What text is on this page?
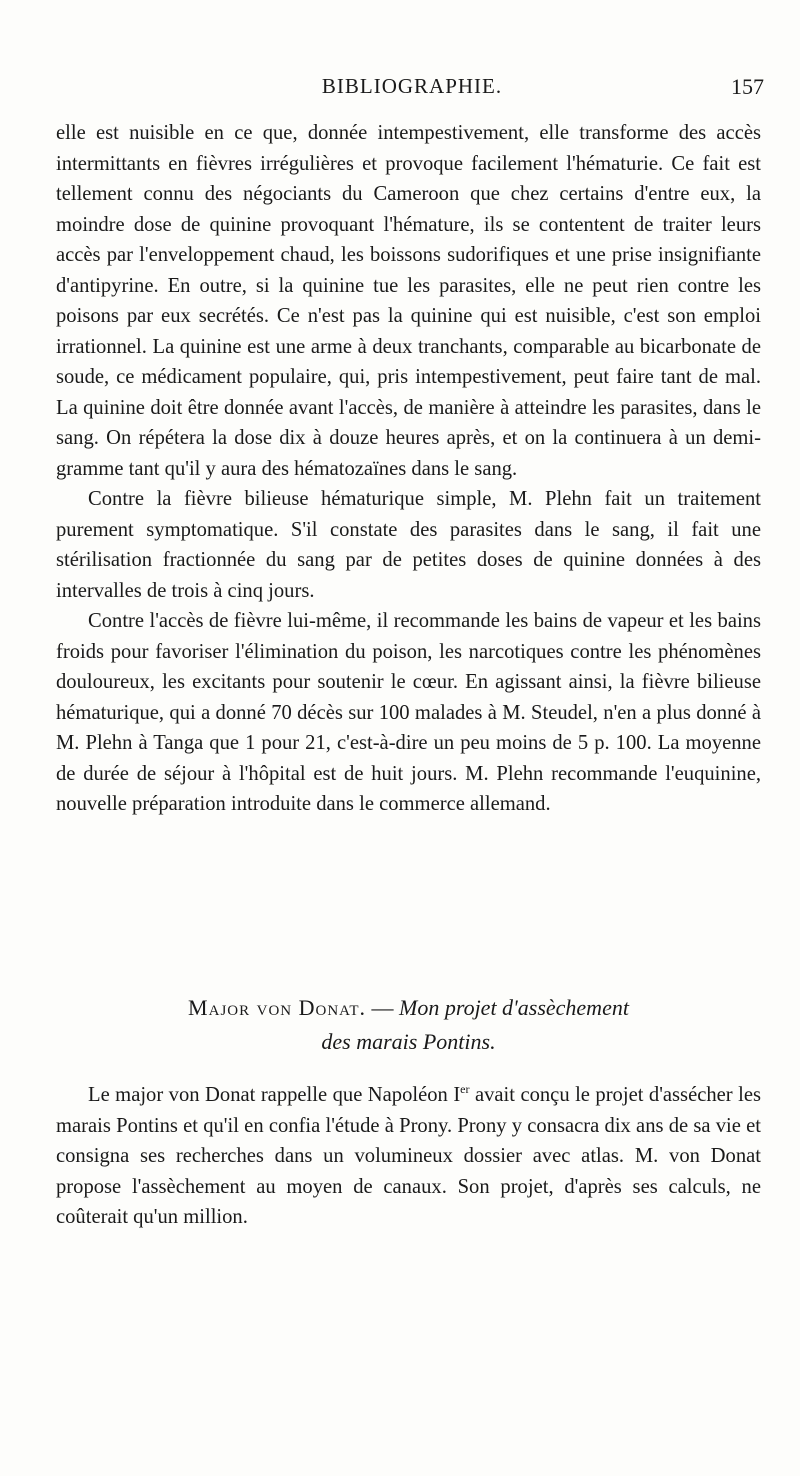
BIBLIOGRAPHIE.	157

elle est nuisible en ce que, donnée intempestivement, elle transforme des accès intermittants en fièvres irrégulières et provoque facilement l'hématurie. Ce fait est tellement connu des négociants du Cameroon que chez certains d'entre eux, la moindre dose de quinine provoquant l'hémature, ils se contentent de traiter leurs accès par l'enveloppement chaud, les boissons sudorifiques et une prise insignifiante d'antipyrine. En outre, si la quinine tue les parasites, elle ne peut rien contre les poisons par eux secrétés. Ce n'est pas la quinine qui est nuisible, c'est son emploi irrationnel. La quinine est une arme à deux tranchants, comparable au bicarbonate de soude, ce médicament populaire, qui, pris intempestivement, peut faire tant de mal. La quinine doit être donnée avant l'accès, de manière à atteindre les parasites, dans le sang. On répétera la dose dix à douze heures après, et on la continuera à un demi-gramme tant qu'il y aura des hématozaïnes dans le sang.

Contre la fièvre bilieuse hématurique simple, M. Plehn fait un traitement purement symptomatique. S'il constate des parasites dans le sang, il fait une stérilisation fractionnée du sang par de petites doses de quinine données à des intervalles de trois à cinq jours.

Contre l'accès de fièvre lui-même, il recommande les bains de vapeur et les bains froids pour favoriser l'élimination du poison, les narcotiques contre les phénomènes douloureux, les excitants pour soutenir le cœur. En agissant ainsi, la fièvre bilieuse hématurique, qui a donné 70 décès sur 100 malades à M. Steudel, n'en a plus donné à M. Plehn à Tanga que 1 pour 21, c'est-à-dire un peu moins de 5 p. 100. La moyenne de durée de séjour à l'hôpital est de huit jours. M. Plehn recommande l'euquinine, nouvelle préparation introduite dans le commerce allemand.

Major von Donat. — Mon projet d'assèchement
des marais Pontins.

Le major von Donat rappelle que Napoléon Ier avait conçu le projet d'assécher les marais Pontins et qu'il en confia l'étude à Prony. Prony y consacra dix ans de sa vie et consigna ses recherches dans un volumineux dossier avec atlas. M. von Donat propose l'assèchement au moyen de canaux. Son projet, d'après ses calculs, ne coûterait qu'un million.
